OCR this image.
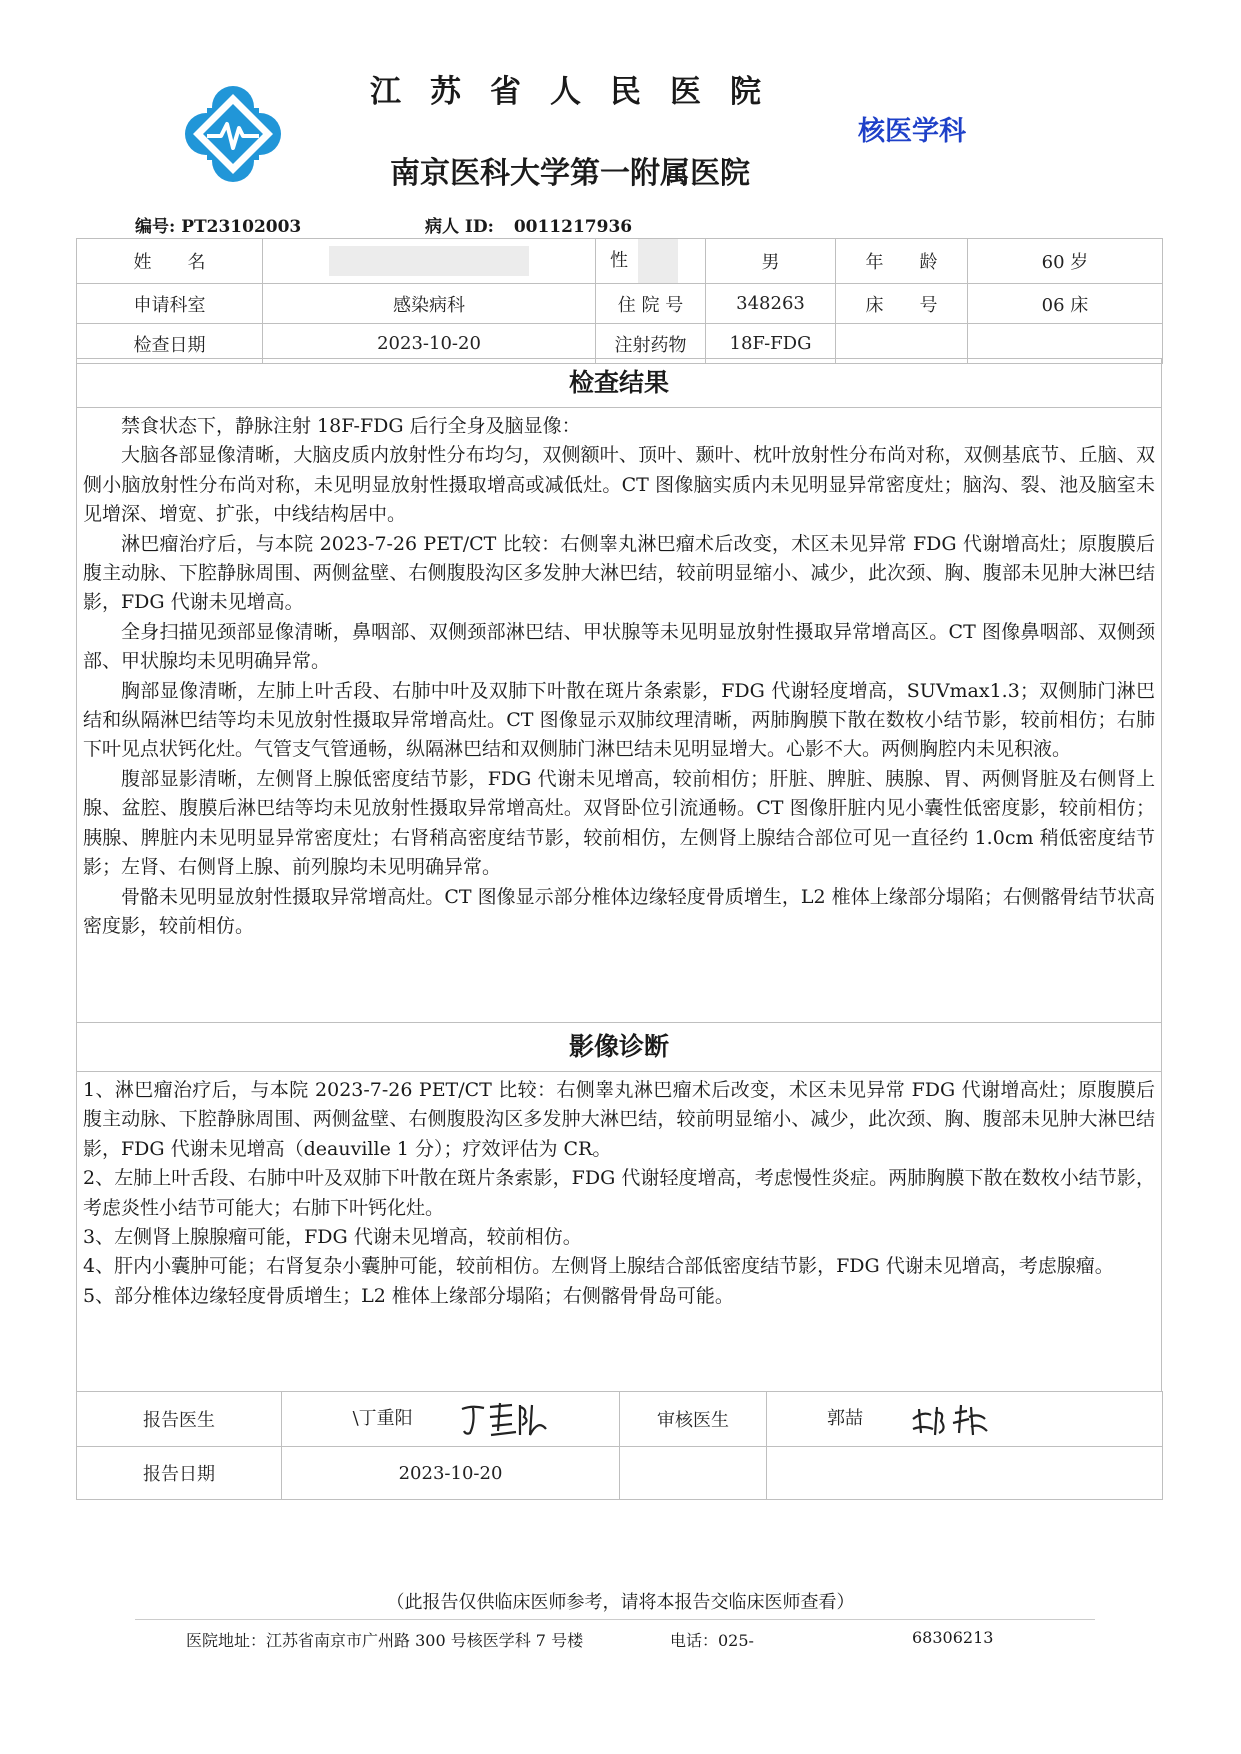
江苏省人民医院
南京医科大学第一附属医院
核医学科
编号: PT23102003	病人 ID: 0011217936
姓　　名		性	男	年　　龄	60 岁
申请科室	感染病科	住 院 号	348263	床　　号	06 床
检查日期	2023-10-20	注射药物	18F-FDG		
检查结果

禁食状态下，静脉注射 18F-FDG 后行全身及脑显像：

大脑各部显像清晰，大脑皮质内放射性分布均匀，双侧额叶、顶叶、颞叶、枕叶放射性分布尚对称，双侧基底节、丘脑、双侧小脑放射性分布尚对称，未见明显放射性摄取增高或减低灶。CT 图像脑实质内未见明显异常密度灶；脑沟、裂、池及脑室未见增深、增宽、扩张，中线结构居中。

淋巴瘤治疗后，与本院 2023-7-26 PET/CT 比较：右侧睾丸淋巴瘤术后改变，术区未见异常 FDG 代谢增高灶；原腹膜后腹主动脉、下腔静脉周围、两侧盆壁、右侧腹股沟区多发肿大淋巴结，较前明显缩小、减少，此次颈、胸、腹部未见肿大淋巴结影，FDG 代谢未见增高。

全身扫描见颈部显像清晰，鼻咽部、双侧颈部淋巴结、甲状腺等未见明显放射性摄取异常增高区。CT 图像鼻咽部、双侧颈部、甲状腺均未见明确异常。

胸部显像清晰，左肺上叶舌段、右肺中叶及双肺下叶散在斑片条索影，FDG 代谢轻度增高，SUVmax1.3；双侧肺门淋巴结和纵隔淋巴结等均未见放射性摄取异常增高灶。CT 图像显示双肺纹理清晰，两肺胸膜下散在数枚小结节影，较前相仿；右肺下叶见点状钙化灶。气管支气管通畅，纵隔淋巴结和双侧肺门淋巴结未见明显增大。心影不大。两侧胸腔内未见积液。

腹部显影清晰，左侧肾上腺低密度结节影，FDG 代谢未见增高，较前相仿；肝脏、脾脏、胰腺、胃、两侧肾脏及右侧肾上腺、盆腔、腹膜后淋巴结等均未见放射性摄取异常增高灶。双肾卧位引流通畅。CT 图像肝脏内见小囊性低密度影，较前相仿；胰腺、脾脏内未见明显异常密度灶；右肾稍高密度结节影，较前相仿，左侧肾上腺结合部位可见一直径约 1.0cm 稍低密度结节影；左肾、右侧肾上腺、前列腺均未见明确异常。

骨骼未见明显放射性摄取异常增高灶。CT 图像显示部分椎体边缘轻度骨质增生，L2 椎体上缘部分塌陷；右侧髂骨结节状高密度影，较前相仿。

影像诊断

1、淋巴瘤治疗后，与本院 2023-7-26 PET/CT 比较：右侧睾丸淋巴瘤术后改变，术区未见异常 FDG 代谢增高灶；原腹膜后腹主动脉、下腔静脉周围、两侧盆壁、右侧腹股沟区多发肿大淋巴结，较前明显缩小、减少，此次颈、胸、腹部未见肿大淋巴结影，FDG 代谢未见增高（deauville 1 分）；疗效评估为 CR。

2、左肺上叶舌段、右肺中叶及双肺下叶散在斑片条索影，FDG 代谢轻度增高，考虑慢性炎症。两肺胸膜下散在数枚小结节影，考虑炎性小结节可能大；右肺下叶钙化灶。

3、左侧肾上腺腺瘤可能，FDG 代谢未见增高，较前相仿。

4、肝内小囊肿可能；右肾复杂小囊肿可能，较前相仿。左侧肾上腺结合部低密度结节影，FDG 代谢未见增高，考虑腺瘤。

5、部分椎体边缘轻度骨质增生；L2 椎体上缘部分塌陷；右侧髂骨骨岛可能。

报告医生	\丁重阳	审核医生	郭喆
报告日期	2023-10-20		
（此报告仅供临床医师参考，请将本报告交临床医师查看）
医院地址：江苏省南京市广州路 300 号核医学科 7 号楼	电话：025-	68306213
